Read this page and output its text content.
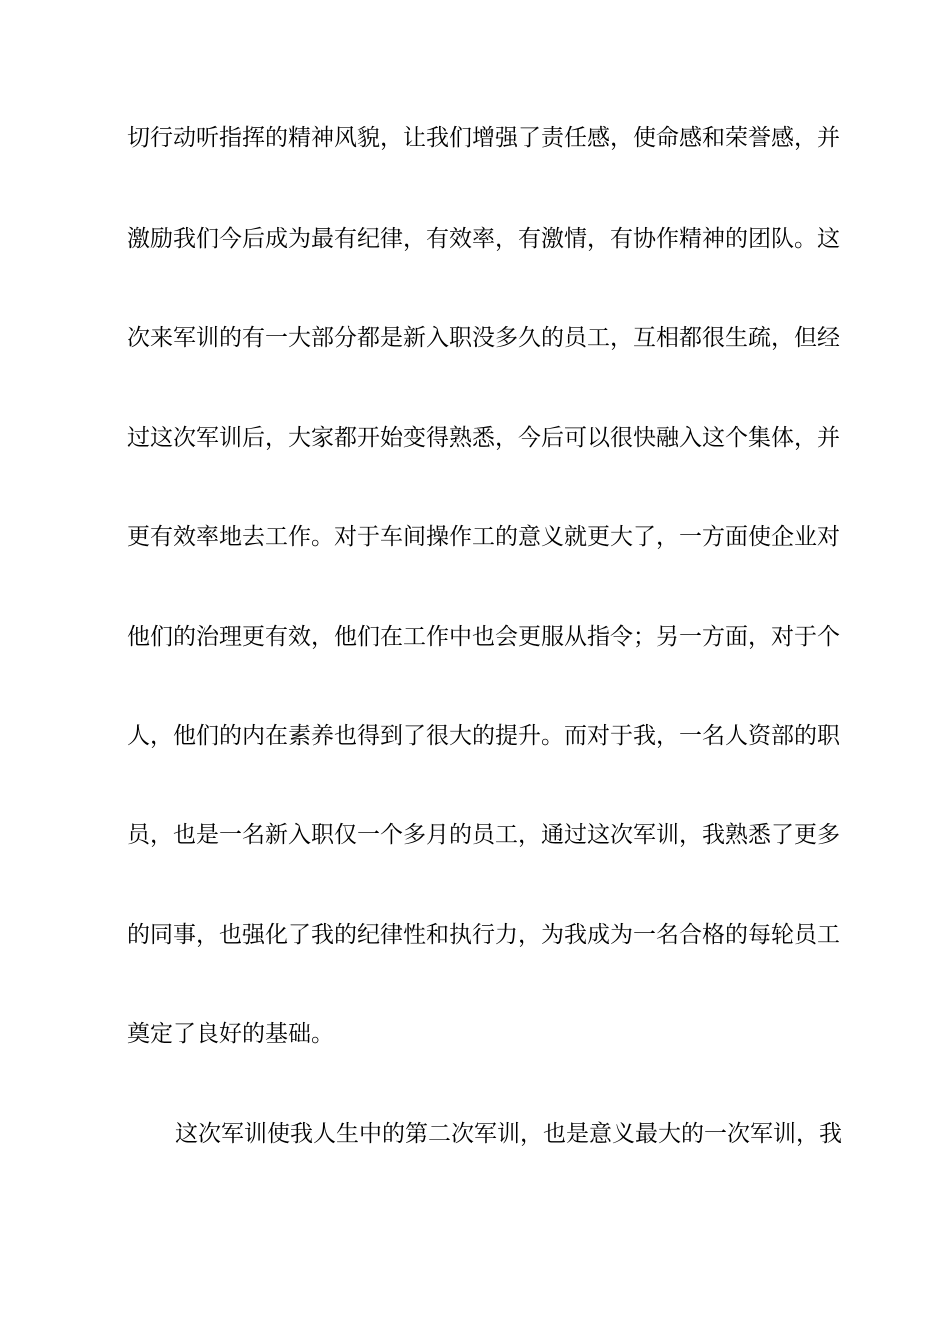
切行动听指挥的精神风貌，让我们增强了责任感，使命感和荣誉感，并
激励我们今后成为最有纪律，有效率，有激情，有协作精神的团队。这
次来军训的有一大部分都是新入职没多久的员工，互相都很生疏，但经
过这次军训后，大家都开始变得熟悉，今后可以很快融入这个集体，并
更有效率地去工作。对于车间操作工的意义就更大了，一方面使企业对
他们的治理更有效，他们在工作中也会更服从指令；另一方面，对于个
人，他们的内在素养也得到了很大的提升。而对于我，一名人资部的职
员，也是一名新入职仅一个多月的员工，通过这次军训，我熟悉了更多
的同事，也强化了我的纪律性和执行力，为我成为一名合格的每轮员工
奠定了良好的基础。
这次军训使我人生中的第二次军训，也是意义最大的一次军训，我
